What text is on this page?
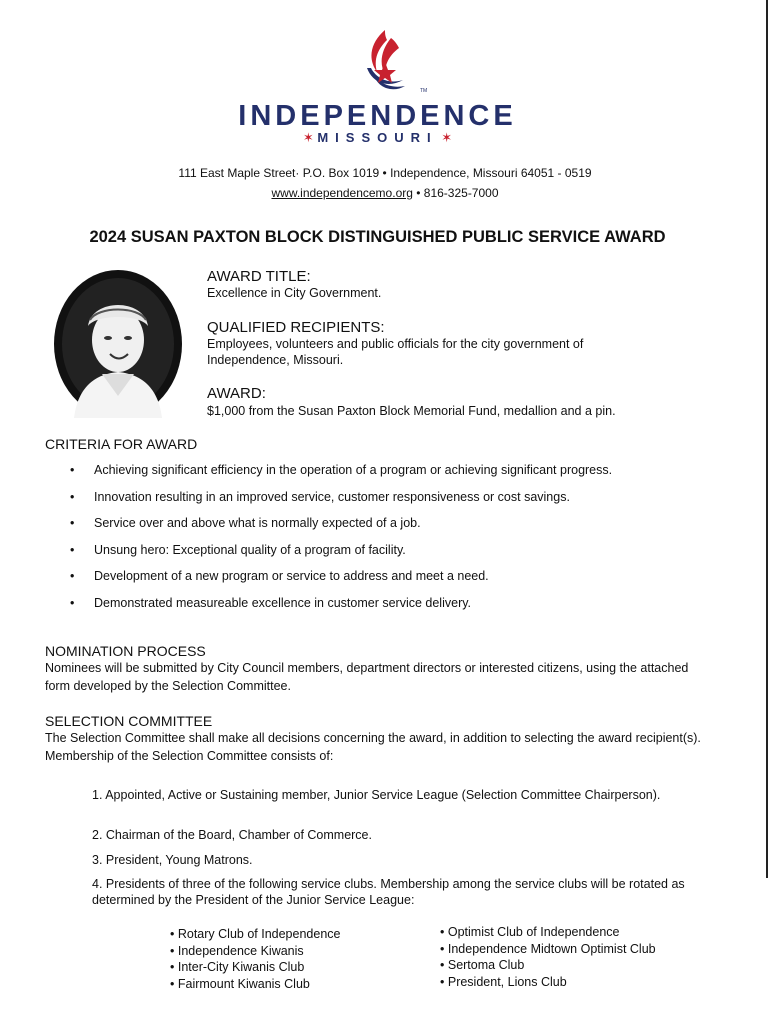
TM
INDEPENDENCE
✶ MISSOURI ✶
111 East Maple Street· P.O. Box 1019 • Independence, Missouri 64051 - 0519
www.independencemo.org • 816-325-7000
2024 SUSAN PAXTON BLOCK DISTINGUISHED PUBLIC SERVICE AWARD
AWARD TITLE:
Excellence in City Government.
QUALIFIED RECIPIENTS:
Employees, volunteers and public officials for the city government of Independence, Missouri.
AWARD:
$1,000 from the Susan Paxton Block Memorial Fund, medallion and a pin.
CRITERIA FOR AWARD
• Achieving significant efficiency in the operation of a program or achieving significant progress.
• Innovation resulting in an improved service, customer responsiveness or cost savings.
• Service over and above what is normally expected of a job.
• Unsung hero: Exceptional quality of a program of facility.
• Development of a new program or service to address and meet a need.
• Demonstrated measureable excellence in customer service delivery.
NOMINATION PROCESS
Nominees will be submitted by City Council members, department directors or interested citizens, using the attached form developed by the Selection Committee.
SELECTION COMMITTEE
The Selection Committee shall make all decisions concerning the award, in addition to selecting the award recipient(s). Membership of the Selection Committee consists of:
1. Appointed, Active or Sustaining member, Junior Service League (Selection Committee Chairperson).
2. Chairman of the Board, Chamber of Commerce.
3. President, Young Matrons.
4. Presidents of three of the following service clubs. Membership among the service clubs will be rotated as determined by the President of the Junior Service League:
• Rotary Club of Independence
• Independence Kiwanis
• Inter-City Kiwanis Club
• Fairmount Kiwanis Club
• Optimist Club of Independence
• Independence Midtown Optimist Club
• Sertoma Club
• President, Lions Club
